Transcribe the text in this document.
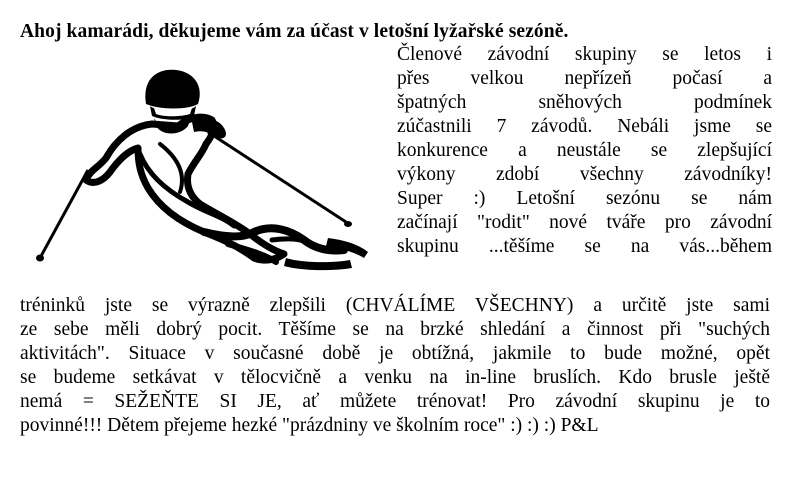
Ahoj kamarádi, děkujeme vám za účast v letošní lyžařské sezóně.
Členové závodní skupiny se letos i
přes velkou nepřízeň počasí a
špatných sněhových podmínek
zúčastnili 7 závodů. Nebáli jsme se
konkurence a neustále se zlepšující
výkony zdobí všechny závodníky!
Super :) Letošní sezónu se nám
začínají "rodit" nové tváře pro závodní
skupinu ...těšíme se na vás...během
tréninků jste se výrazně zlepšili (CHVÁLÍME VŠECHNY) a určitě jste sami
ze sebe měli dobrý pocit. Těšíme se na brzké shledání a činnost při "suchých
aktivitách". Situace v současné době je obtížná, jakmile to bude možné, opět
se budeme setkávat v tělocvičně a venku na in-line bruslích. Kdo brusle ještě
nemá = SEŽEŇTE SI JE, ať můžete trénovat! Pro závodní skupinu je to
povinné!!! Dětem přejeme hezké "prázdniny ve školním roce" :) :) :) P&L
